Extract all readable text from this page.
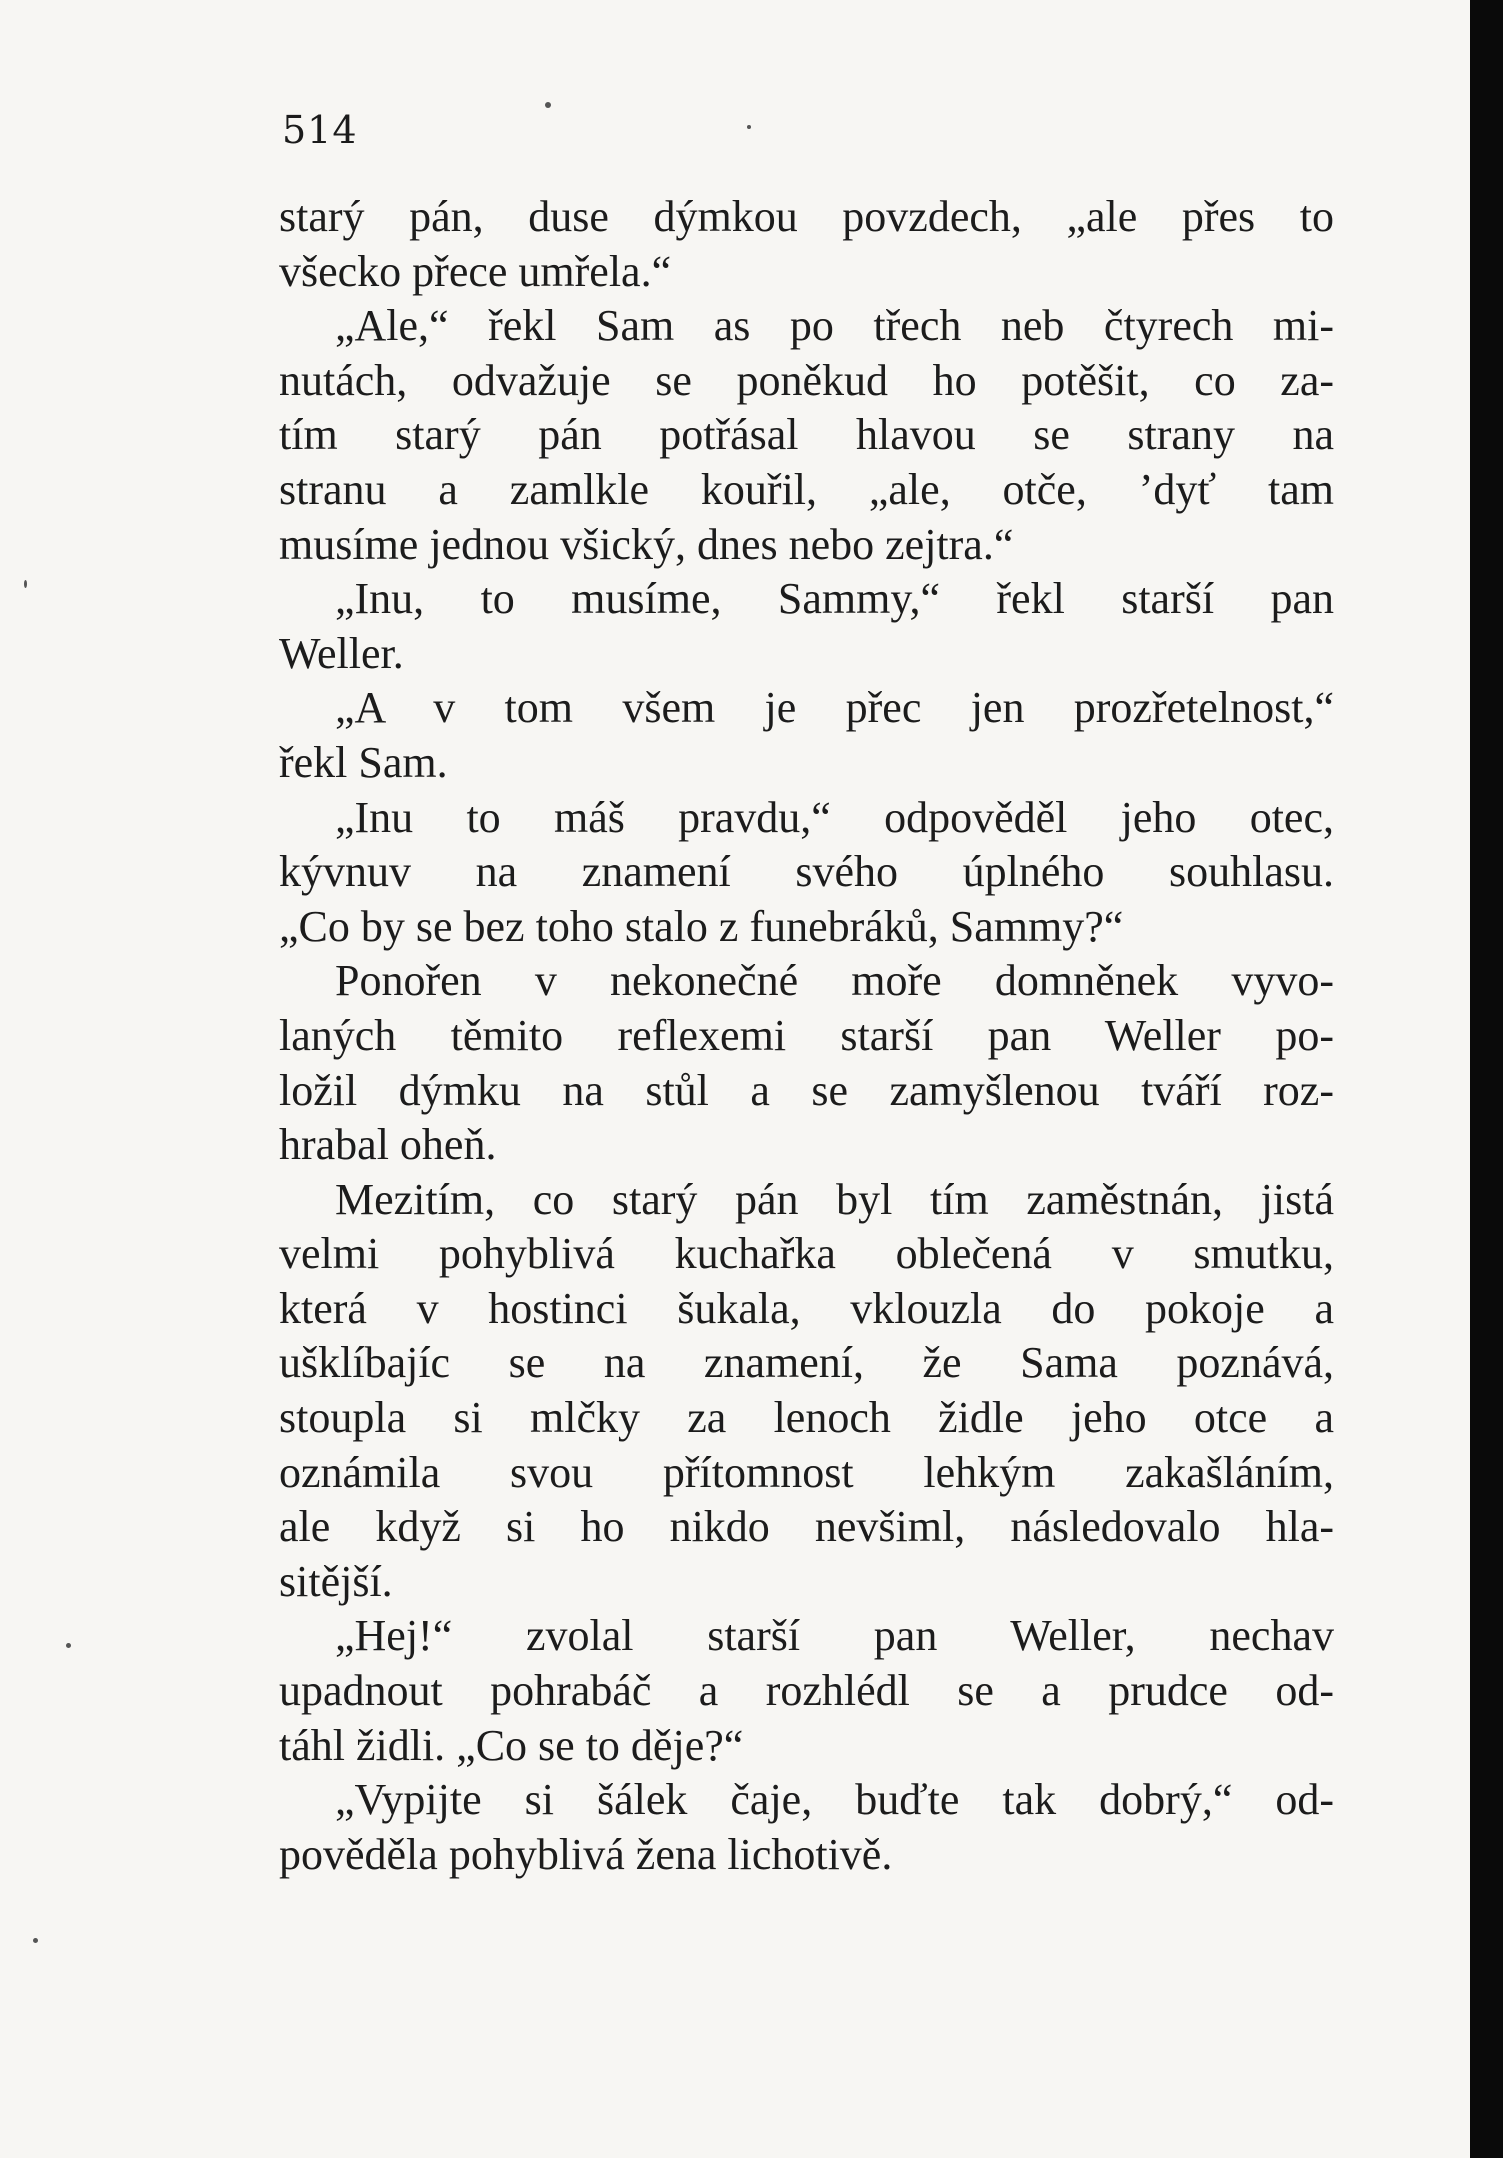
514

starý pán, duse dýmkou povzdech, „ale přes to

všecko přece umřela.“

„Ale,“ řekl Sam as po třech neb čtyrech mi-

nutách, odvažuje se poněkud ho potěšit, co za-

tím starý pán potřásal hlavou se strany na

stranu a zamlkle kouřil, „ale, otče, ’dyť tam

musíme jednou všický, dnes nebo zejtra.“

„Inu, to musíme, Sammy,“ řekl starší pan

Weller.

„A v tom všem je přec jen prozřetelnost,“

řekl Sam.

„Inu to máš pravdu,“ odpověděl jeho otec,

kývnuv na znamení svého úplného souhlasu.

„Co by se bez toho stalo z funebráků, Sammy?“

Ponořen v nekonečné moře domněnek vyvo-

laných těmito reflexemi starší pan Weller po-

ložil dýmku na stůl a se zamyšlenou tváří roz-

hrabal oheň.

Mezitím, co starý pán byl tím zaměstnán, jistá

velmi pohyblivá kuchařka oblečená v smutku,

která v hostinci šukala, vklouzla do pokoje a

ušklíbajíc se na znamení, že Sama poznává,

stoupla si mlčky za lenoch židle jeho otce a

oznámila svou přítomnost lehkým zakašláním,

ale když si ho nikdo nevšiml, následovalo hla-

sitější.

„Hej!“ zvolal starší pan Weller, nechav

upadnout pohrabáč a rozhlédl se a prudce od-

táhl židli. „Co se to děje?“

„Vypijte si šálek čaje, buďte tak dobrý,“ od-

pověděla pohyblivá žena lichotivě.
